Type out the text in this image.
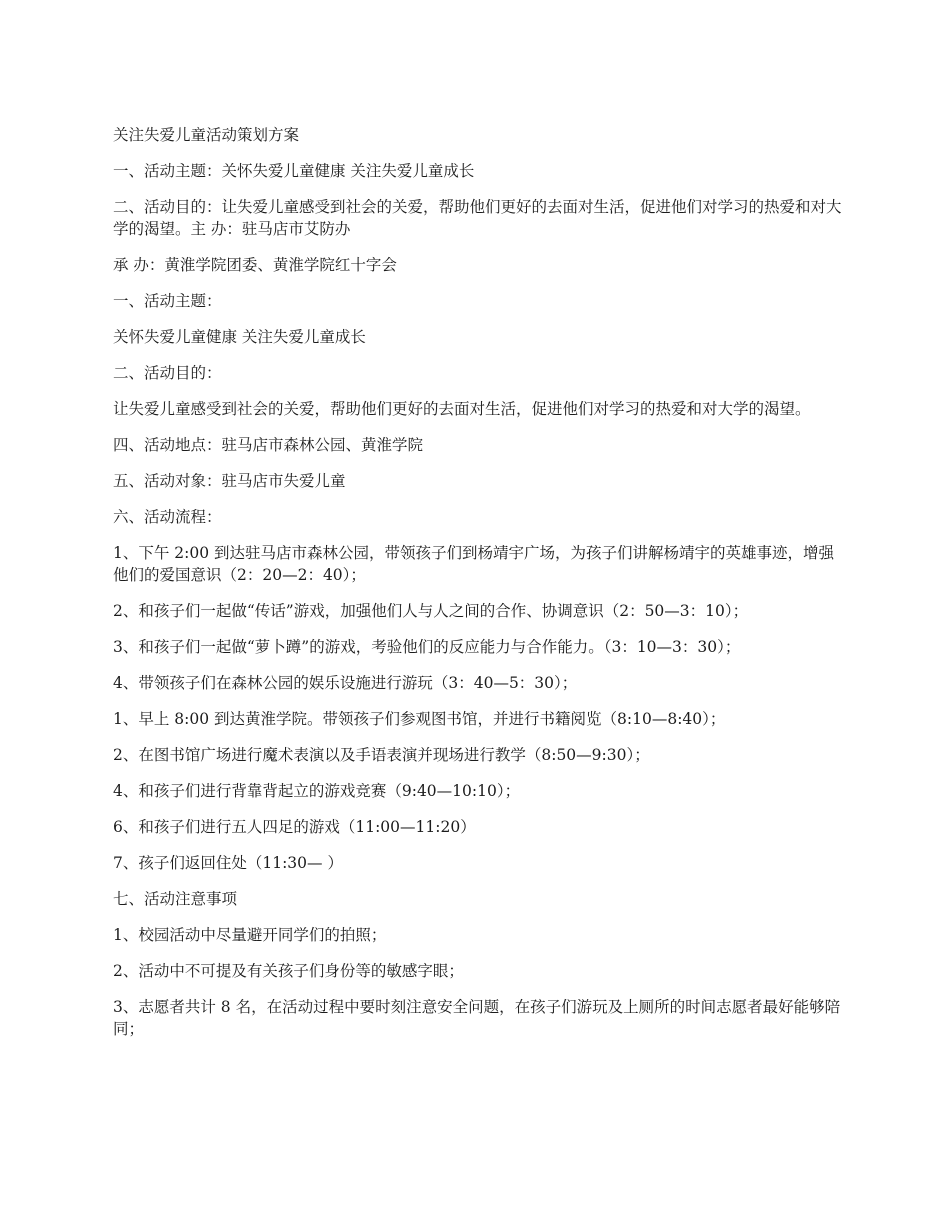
关注失爱儿童活动策划方案

一、活动主题：关怀失爱儿童健康 关注失爱儿童成长

二、活动目的：让失爱儿童感受到社会的关爱，帮助他们更好的去面对生活，促进他们对学习的热爱和对大学的渴望。主 办：驻马店市艾防办

承 办：黄淮学院团委、黄淮学院红十字会

一、活动主题：

关怀失爱儿童健康 关注失爱儿童成长

二、活动目的：

让失爱儿童感受到社会的关爱，帮助他们更好的去面对生活，促进他们对学习的热爱和对大学的渴望。

四、活动地点：驻马店市森林公园、黄淮学院

五、活动对象：驻马店市失爱儿童

六、活动流程：

1、下午 2:00 到达驻马店市森林公园，带领孩子们到杨靖宇广场，为孩子们讲解杨靖宇的英雄事迹，增强他们的爱国意识（2：20—2：40）；

2、和孩子们一起做“传话”游戏，加强他们人与人之间的合作、协调意识（2：50—3：10）；

3、和孩子们一起做“萝卜蹲”的游戏，考验他们的反应能力与合作能力。（3：10—3：30）；

4、带领孩子们在森林公园的娱乐设施进行游玩（3：40—5：30）；

1、早上 8:00 到达黄淮学院。带领孩子们参观图书馆，并进行书籍阅览（8:10—8:40）；

2、在图书馆广场进行魔术表演以及手语表演并现场进行教学（8:50—9:30）；

4、和孩子们进行背靠背起立的游戏竞赛（9:40—10:10）；

6、和孩子们进行五人四足的游戏（11:00—11:20）

7、孩子们返回住处（11:30— ）

七、活动注意事项

1、校园活动中尽量避开同学们的拍照；

2、活动中不可提及有关孩子们身份等的敏感字眼；

3、志愿者共计 8 名，在活动过程中要时刻注意安全问题，在孩子们游玩及上厕所的时间志愿者最好能够陪同；
